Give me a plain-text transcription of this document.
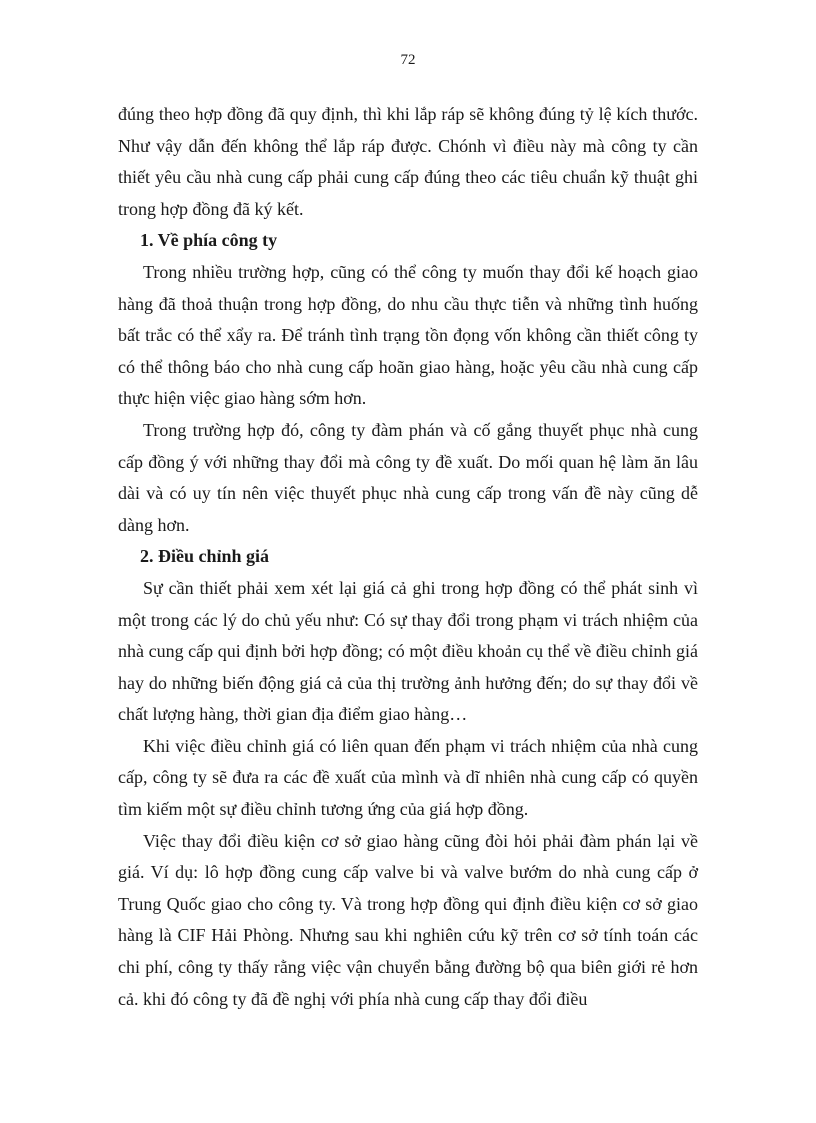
72

đúng theo hợp đồng đã quy định, thì khi lắp ráp sẽ không đúng tỷ lệ kích thước. Như vậy dẫn đến không thể lắp ráp được. Chónh vì điều này mà công ty cần thiết yêu cầu nhà cung cấp phải cung cấp đúng theo các tiêu chuẩn kỹ thuật ghi trong hợp đồng đã ký kết.

1. Về phía công ty

Trong nhiều trường hợp, cũng có thể công ty muốn thay đổi kế hoạch giao hàng đã thoả thuận trong hợp đồng, do nhu cầu thực tiễn và những tình huống bất trắc có thể xẩy ra. Để tránh tình trạng tồn đọng vốn không cần thiết công ty có thể thông báo cho nhà cung cấp hoãn giao hàng, hoặc yêu cầu nhà cung cấp thực hiện việc giao hàng sớm hơn.

Trong trường hợp đó, công ty đàm phán và cố gắng thuyết phục nhà cung cấp đồng ý với những thay đổi mà công ty đề xuất. Do mối quan hệ làm ăn lâu dài và có uy tín nên việc thuyết phục nhà cung cấp trong vấn đề này cũng dễ dàng hơn.

2. Điều chỉnh giá

Sự cần thiết phải xem xét lại giá cả ghi trong hợp đồng có thể phát sinh vì một trong các lý do chủ yếu như: Có sự thay đổi trong phạm vi trách nhiệm của nhà cung cấp qui định bởi hợp đồng; có một điều khoản cụ thể về điều chỉnh giá hay do những biến động giá cả của thị trường ảnh hưởng đến; do sự thay đổi về chất lượng hàng, thời gian địa điểm giao hàng…

Khi việc điều chỉnh giá có liên quan đến phạm vi trách nhiệm của nhà cung cấp, công ty sẽ đưa ra các đề xuất của mình và dĩ nhiên nhà cung cấp có quyền tìm kiếm một sự điều chỉnh tương ứng của giá hợp đồng.

Việc thay đổi điều kiện cơ sở giao hàng cũng đòi hỏi phải đàm phán lại về giá. Ví dụ: lô hợp đồng cung cấp valve bi và valve bướm do nhà cung cấp ở Trung Quốc giao cho công ty. Và trong hợp đồng qui định điều kiện cơ sở giao hàng là CIF Hải Phòng. Nhưng sau khi nghiên cứu kỹ trên cơ sở tính toán các chi phí, công ty thấy rằng việc vận chuyển bằng đường bộ qua biên giới rẻ hơn cả. khi đó công ty đã đề nghị với phía nhà cung cấp thay đổi điều
